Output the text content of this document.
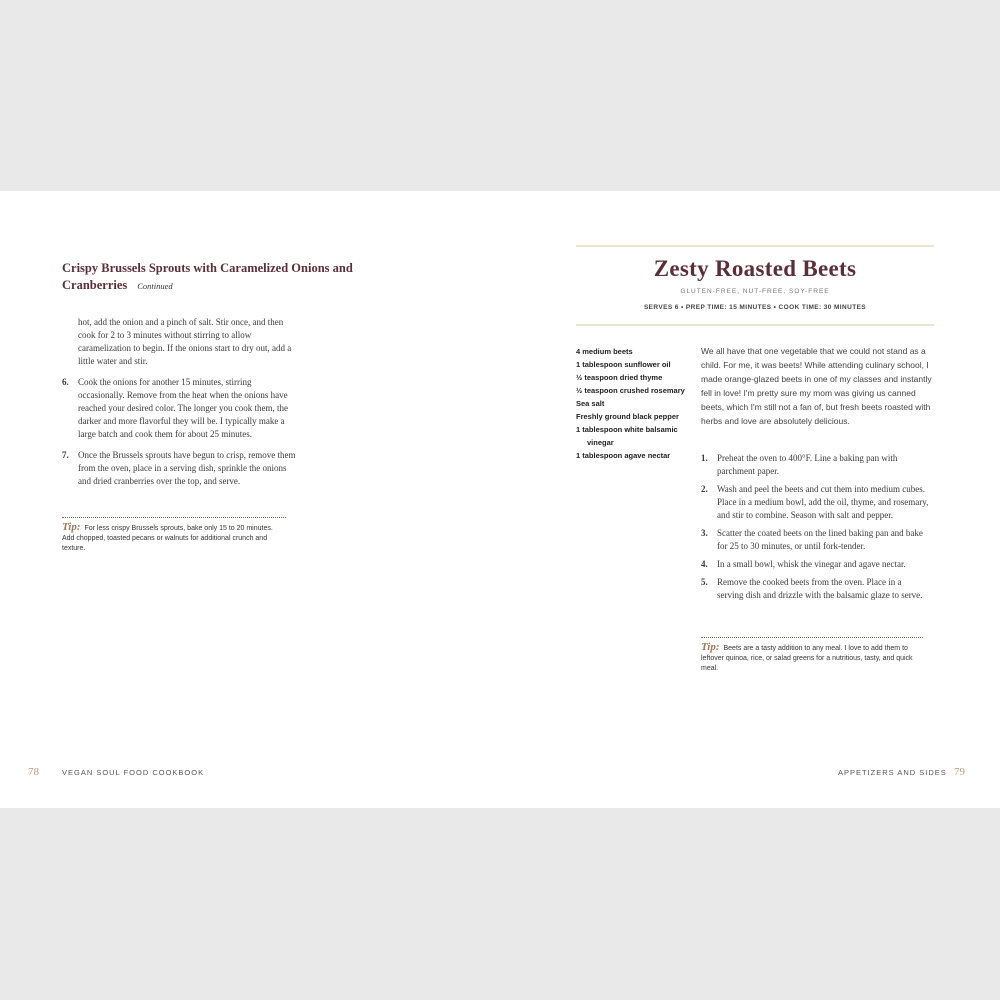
Crispy Brussels Sprouts with Caramelized Onions and Cranberries Continued

hot, add the onion and a pinch of salt. Stir once, and then cook for 2 to 3 minutes without stirring to allow caramelization to begin. If the onions start to dry out, add a little water and stir.

6. Cook the onions for another 15 minutes, stirring occasionally. Remove from the heat when the onions have reached your desired color. The longer you cook them, the darker and more flavorful they will be. I typically make a large batch and cook them for about 25 minutes.
7. Once the Brussels sprouts have begun to crisp, remove them from the oven, place in a serving dish, sprinkle the onions and dried cranberries over the top, and serve.
Tip: For less crispy Brussels sprouts, bake only 15 to 20 minutes. Add chopped, toasted pecans or walnuts for additional crunch and texture.
Zesty Roasted Beets
GLUTEN-FREE, NUT-FREE, SOY-FREE
SERVES 6 • PREP TIME: 15 MINUTES • COOK TIME: 30 MINUTES
4 medium beets
1 tablespoon sunflower oil
½ teaspoon dried thyme
½ teaspoon crushed rosemary
Sea salt
Freshly ground black pepper
1 tablespoon white balsamic vinegar
1 tablespoon agave nectar
We all have that one vegetable that we could not stand as a child. For me, it was beets! While attending culinary school, I made orange-glazed beets in one of my classes and instantly fell in love! I'm pretty sure my mom was giving us canned beets, which I'm still not a fan of, but fresh beets roasted with herbs and love are absolutely delicious.
1. Preheat the oven to 400°F. Line a baking pan with parchment paper.
2. Wash and peel the beets and cut them into medium cubes. Place in a medium bowl, add the oil, thyme, and rosemary, and stir to combine. Season with salt and pepper.
3. Scatter the coated beets on the lined baking pan and bake for 25 to 30 minutes, or until fork-tender.
4. In a small bowl, whisk the vinegar and agave nectar.
5. Remove the cooked beets from the oven. Place in a serving dish and drizzle with the balsamic glaze to serve.
Tip: Beets are a tasty addition to any meal. I love to add them to leftover quinoa, rice, or salad greens for a nutritious, tasty, and quick meal.
78	VEGAN SOUL FOOD COOKBOOK	APPETIZERS AND SIDES 79
